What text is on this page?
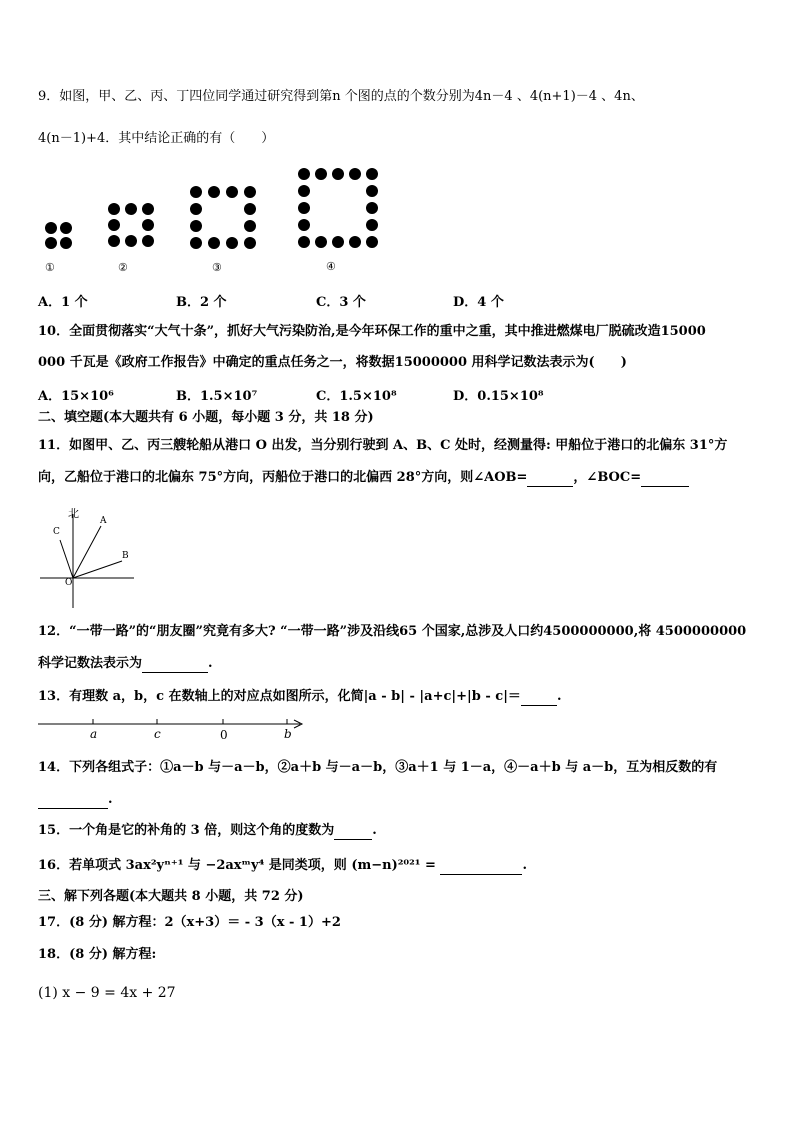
9．如图，甲、乙、丙、丁四位同学通过研究得到第n 个图的点的个数分别为4n－4 、4(n+1)－4 、4n、
4(n－1)+4．其中结论正确的有（　　）
①	②	③	④
A．1 个	B．2 个	C．3 个	D．4 个
10．全面贯彻落实“大气十条”，抓好大气污染防治,是今年环保工作的重中之重，其中推进燃煤电厂脱硫改造15000
000 千瓦是《政府工作报告》中确定的重点任务之一，将数据15000000 用科学记数法表示为(　　)
A．15×10⁶	B．1.5×10⁷	C．1.5×10⁸	D．0.15×10⁸
二、填空题(本大题共有 6 小题，每小题 3 分，共 18 分)
11．如图甲、乙、丙三艘轮船从港口 O 出发，当分别行驶到 A、B、C 处时，经测量得: 甲船位于港口的北偏东 31°方
向，乙船位于港口的北偏东 75°方向，丙船位于港口的北偏西 28°方向，则∠AOB=	，∠BOC=
北
A
B
C
O
12．“一带一路”的“朋友圈”究竟有多大? “一带一路”涉及沿线65 个国家,总涉及人口约4500000000,将 4500000000
科学记数法表示为	.
13．有理数 a，b，c 在数轴上的对应点如图所示，化简|a - b| - |a+c|+|b - c|＝	.
a	c	0	b
14．下列各组式子：①a－b 与－a－b，②a＋b 与－a－b，③a＋1 与 1－a，④－a＋b 与 a－b，互为相反数的有
.
15．一个角是它的补角的 3 倍，则这个角的度数为	.
16．若单项式 3ax²yⁿ⁺¹ 与 −2axᵐy⁴ 是同类项，则 (m−n)²⁰²¹ =	.
三、解下列各题(本大题共 8 小题，共 72 分)
17．(8 分) 解方程：2（x+3）＝ - 3（x - 1）+2
18．(8 分) 解方程:
(1) x − 9 = 4x + 27
